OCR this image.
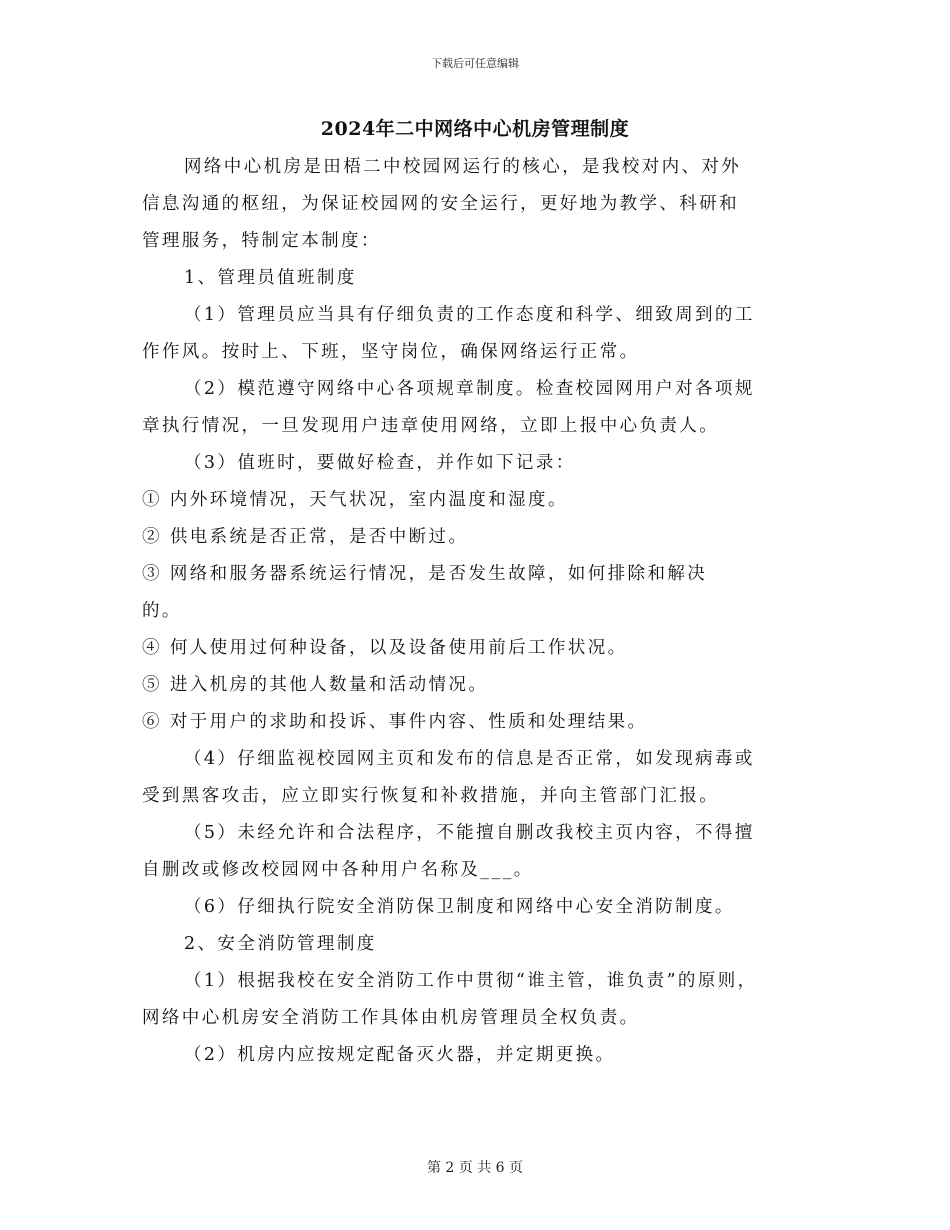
下载后可任意编辑
2024年二中网络中心机房管理制度

网络中心机房是田梧二中校园网运行的核心，是我校对内、对外

信息沟通的枢纽，为保证校园网的安全运行，更好地为教学、科研和

管理服务，特制定本制度：

1、管理员值班制度

（1）管理员应当具有仔细负责的工作态度和科学、细致周到的工

作作风。按时上、下班，坚守岗位，确保网络运行正常。

（2）模范遵守网络中心各项规章制度。检查校园网用户对各项规

章执行情况，一旦发现用户违章使用网络，立即上报中心负责人。

（3）值班时，要做好检查，并作如下记录：

① 内外环境情况，天气状况，室内温度和湿度。

② 供电系统是否正常，是否中断过。

③ 网络和服务器系统运行情况，是否发生故障，如何排除和解决

的。

④ 何人使用过何种设备，以及设备使用前后工作状况。

⑤ 进入机房的其他人数量和活动情况。

⑥ 对于用户的求助和投诉、事件内容、性质和处理结果。

（4）仔细监视校园网主页和发布的信息是否正常，如发现病毒或

受到黑客攻击，应立即实行恢复和补救措施，并向主管部门汇报。

（5）未经允许和合法程序，不能擅自删改我校主页内容，不得擅

自删改或修改校园网中各种用户名称及___。

（6）仔细执行院安全消防保卫制度和网络中心安全消防制度。

2、安全消防管理制度

（1）根据我校在安全消防工作中贯彻“谁主管，谁负责”的原则，

网络中心机房安全消防工作具体由机房管理员全权负责。

（2）机房内应按规定配备灭火器，并定期更换。

第 2 页 共 6 页
